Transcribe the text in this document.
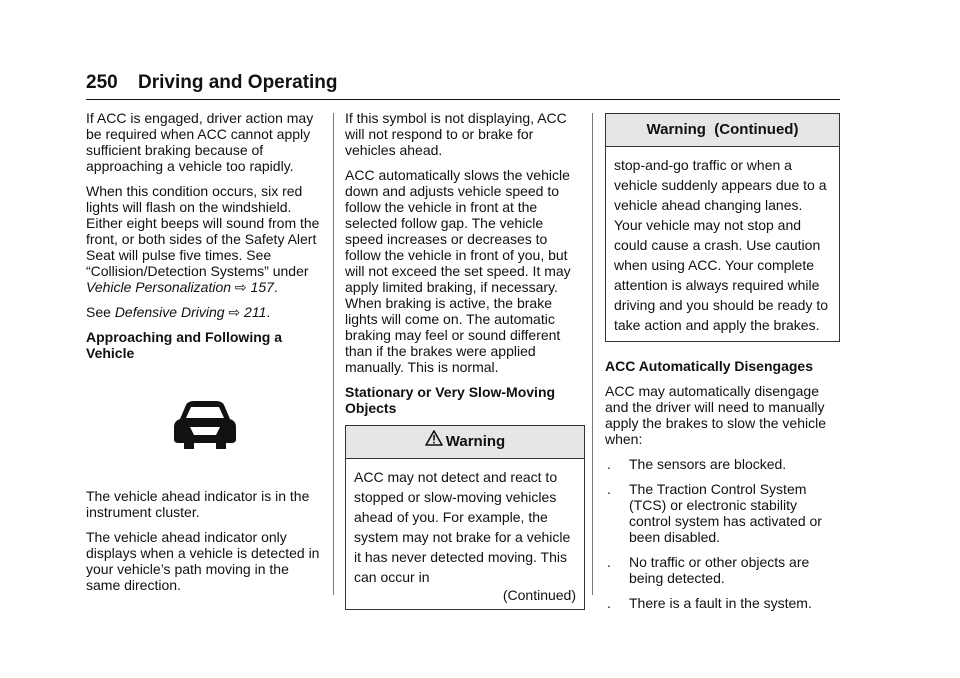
250 Driving and Operating

If ACC is engaged, driver action may be required when ACC cannot apply sufficient braking because of approaching a vehicle too rapidly.

When this condition occurs, six red lights will flash on the windshield. Either eight beeps will sound from the front, or both sides of the Safety Alert Seat will pulse five times. See “Collision/Detection Systems” under Vehicle Personalization ⇨ 157.

See Defensive Driving ⇨ 211.

Approaching and Following a Vehicle

The vehicle ahead indicator is in the instrument cluster.

The vehicle ahead indicator only displays when a vehicle is detected in your vehicle’s path moving in the same direction.

If this symbol is not displaying, ACC will not respond to or brake for vehicles ahead.

ACC automatically slows the vehicle down and adjusts vehicle speed to follow the vehicle in front at the selected follow gap. The vehicle speed increases or decreases to follow the vehicle in front of you, but will not exceed the set speed. It may apply limited braking, if necessary. When braking is active, the brake lights will come on. The automatic braking may feel or sound different than if the brakes were applied manually. This is normal.

Stationary or Very Slow-Moving Objects

Warning
ACC may not detect and react to stopped or slow-moving vehicles ahead of you. For example, the system may not brake for a vehicle it has never detected moving. This can occur in
(Continued)
Warning  (Continued)
stop-and-go traffic or when a vehicle suddenly appears due to a vehicle ahead changing lanes. Your vehicle may not stop and could cause a crash. Use caution when using ACC. Your complete attention is always required while driving and you should be ready to take action and apply the brakes.

ACC Automatically Disengages

ACC may automatically disengage and the driver will need to manually apply the brakes to slow the vehicle when:

.	The sensors are blocked.
.	The Traction Control System (TCS) or electronic stability control system has activated or been disabled.
.	No traffic or other objects are being detected.
.	There is a fault in the system.
